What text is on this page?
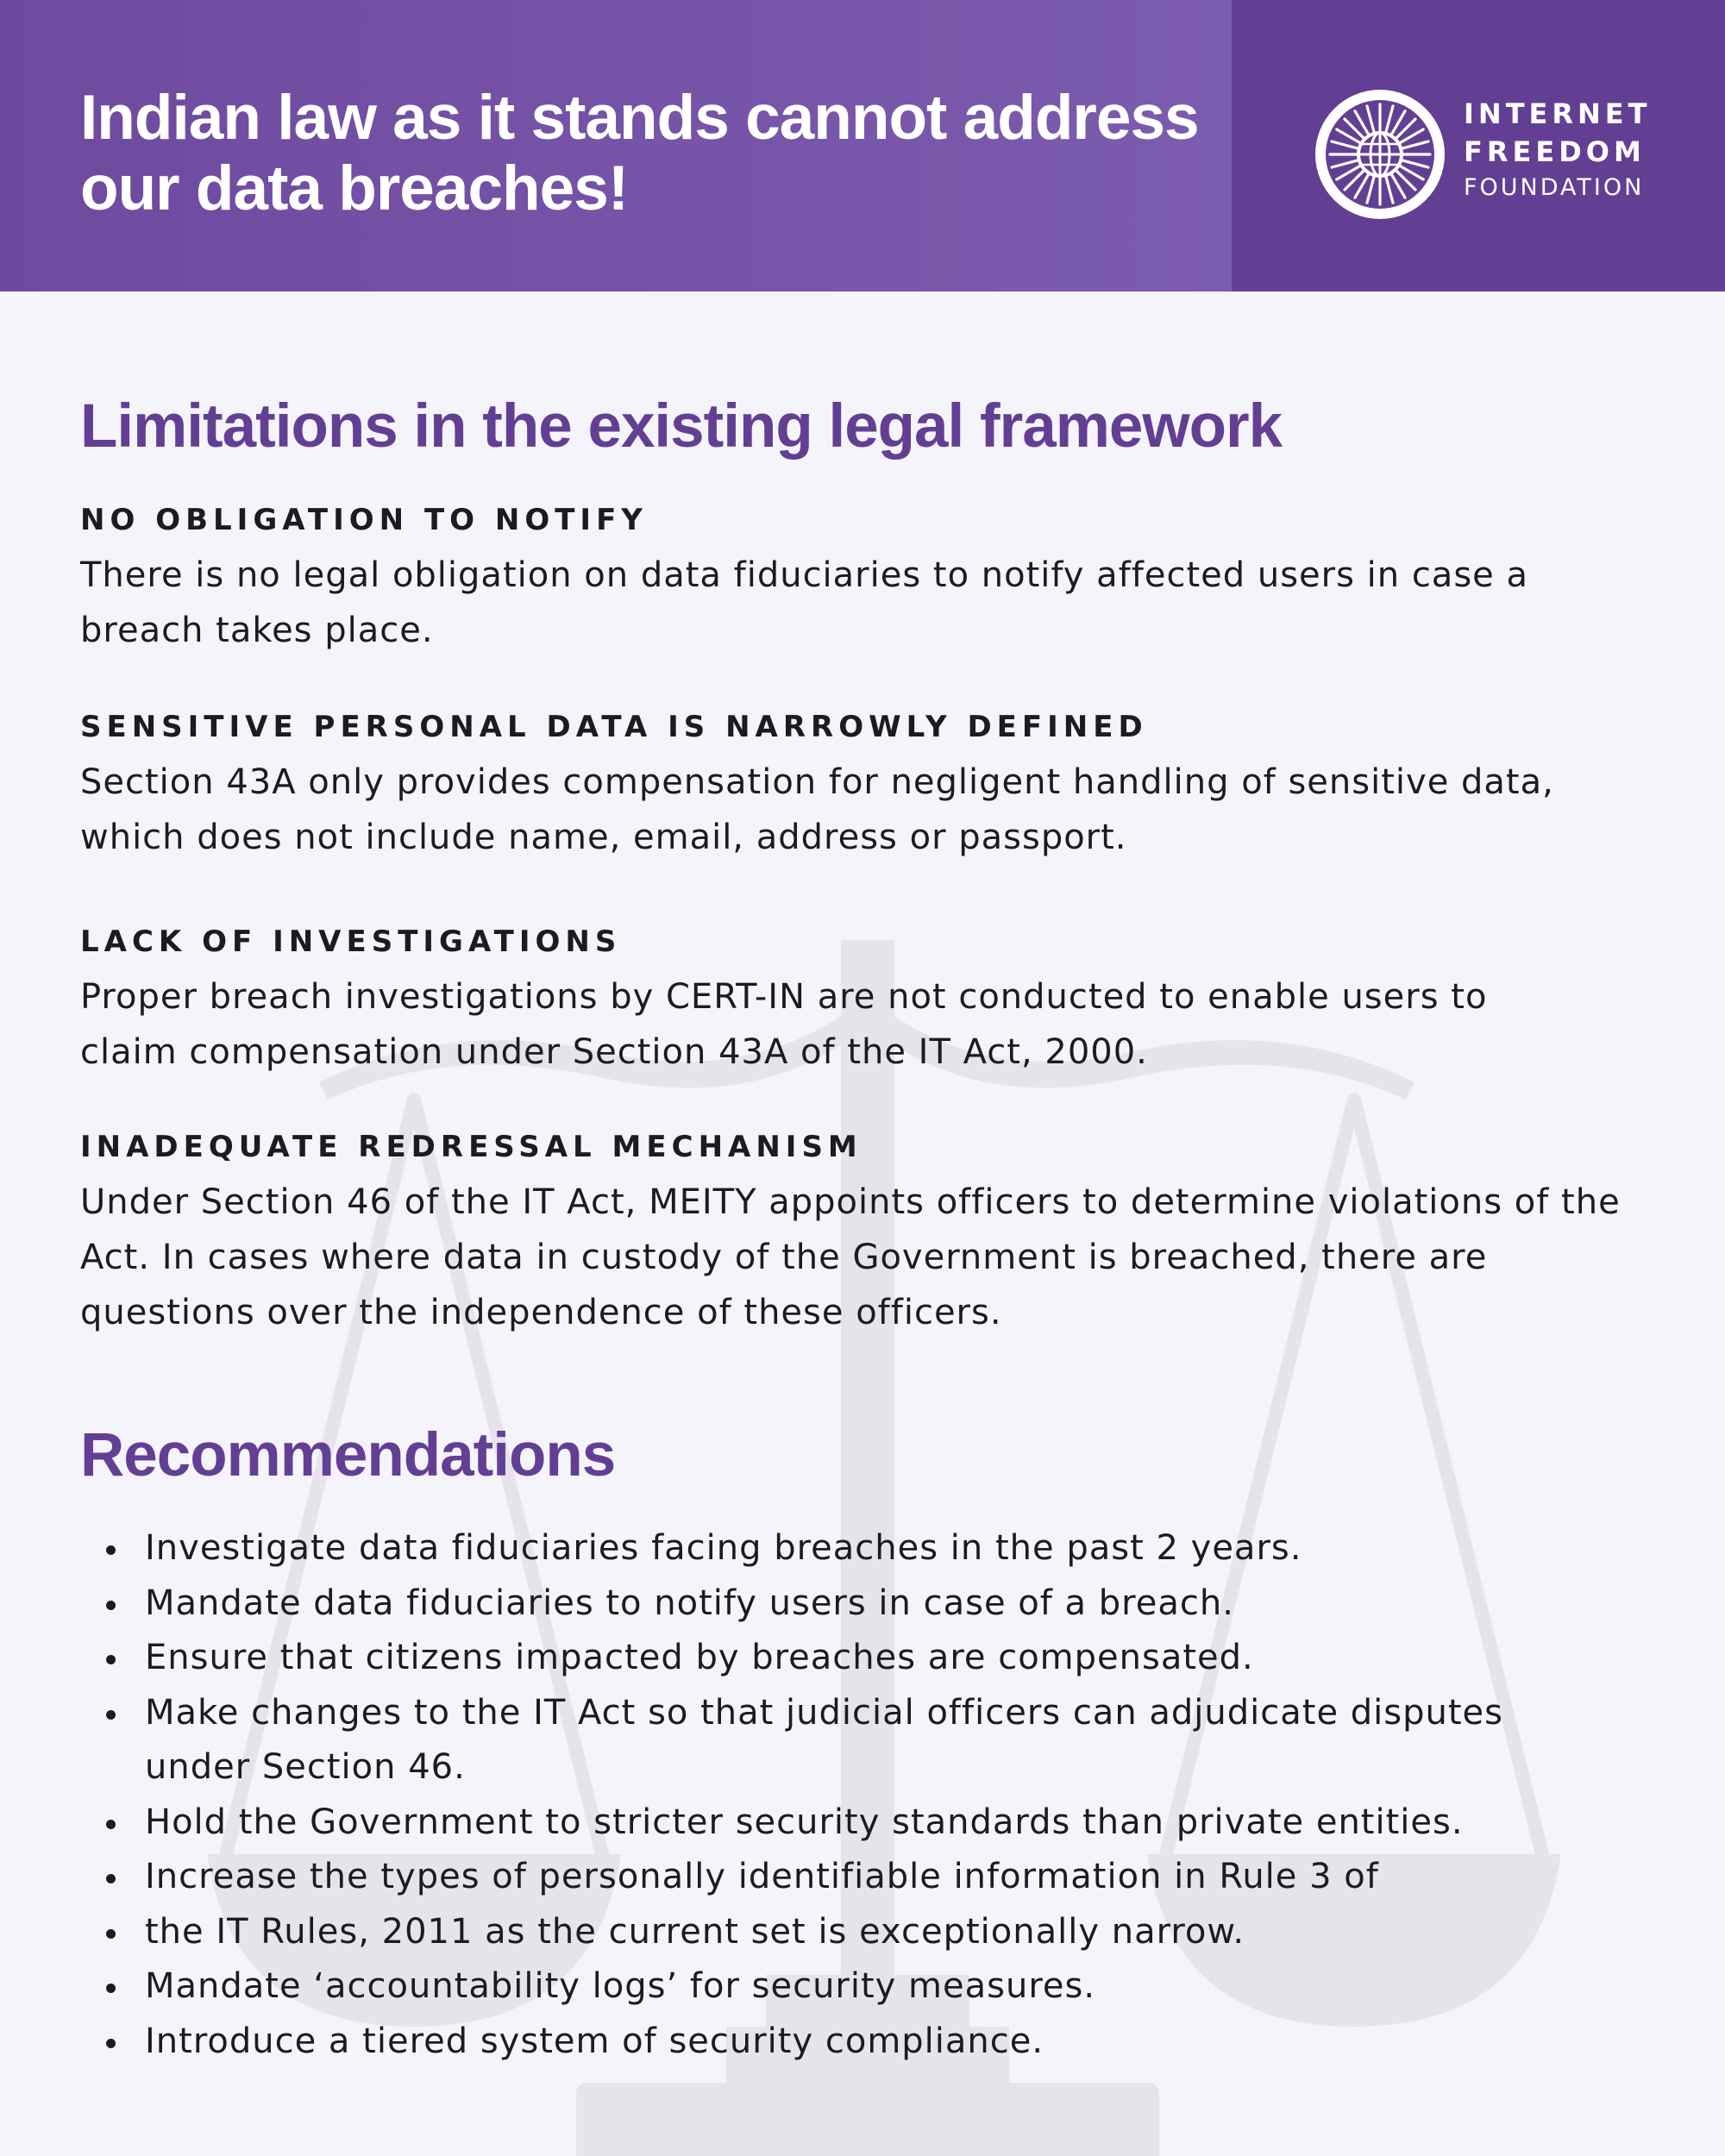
Indian law as it stands cannot address our data breaches!
INTERNET
FREEDOM
FOUNDATION
Limitations in the existing legal framework
NO OBLIGATION TO NOTIFY

There is no legal obligation on data fiduciaries to notify affected users in case a breach takes place.

SENSITIVE PERSONAL DATA IS NARROWLY DEFINED

Section 43A only provides compensation for negligent handling of sensitive data, which does not include name, email, address or passport.

LACK OF INVESTIGATIONS

Proper breach investigations by CERT-IN are not conducted to enable users to claim compensation under Section 43A of the IT Act, 2000.

INADEQUATE REDRESSAL MECHANISM

Under Section 46 of the IT Act, MEITY appoints officers to determine violations of the Act. In cases where data in custody of the Government is breached, there are questions over the independence of these officers.

Recommendations
Investigate data fiduciaries facing breaches in the past 2 years.
Mandate data fiduciaries to notify users in case of a breach.
Ensure that citizens impacted by breaches are compensated.
Make changes to the IT Act so that judicial officers can adjudicate disputes under Section 46.
Hold the Government to stricter security standards than private entities.
Increase the types of personally identifiable information in Rule 3 of
the IT Rules, 2011 as the current set is exceptionally narrow.
Mandate ‘accountability logs’ for security measures.
Introduce a tiered system of security compliance.
